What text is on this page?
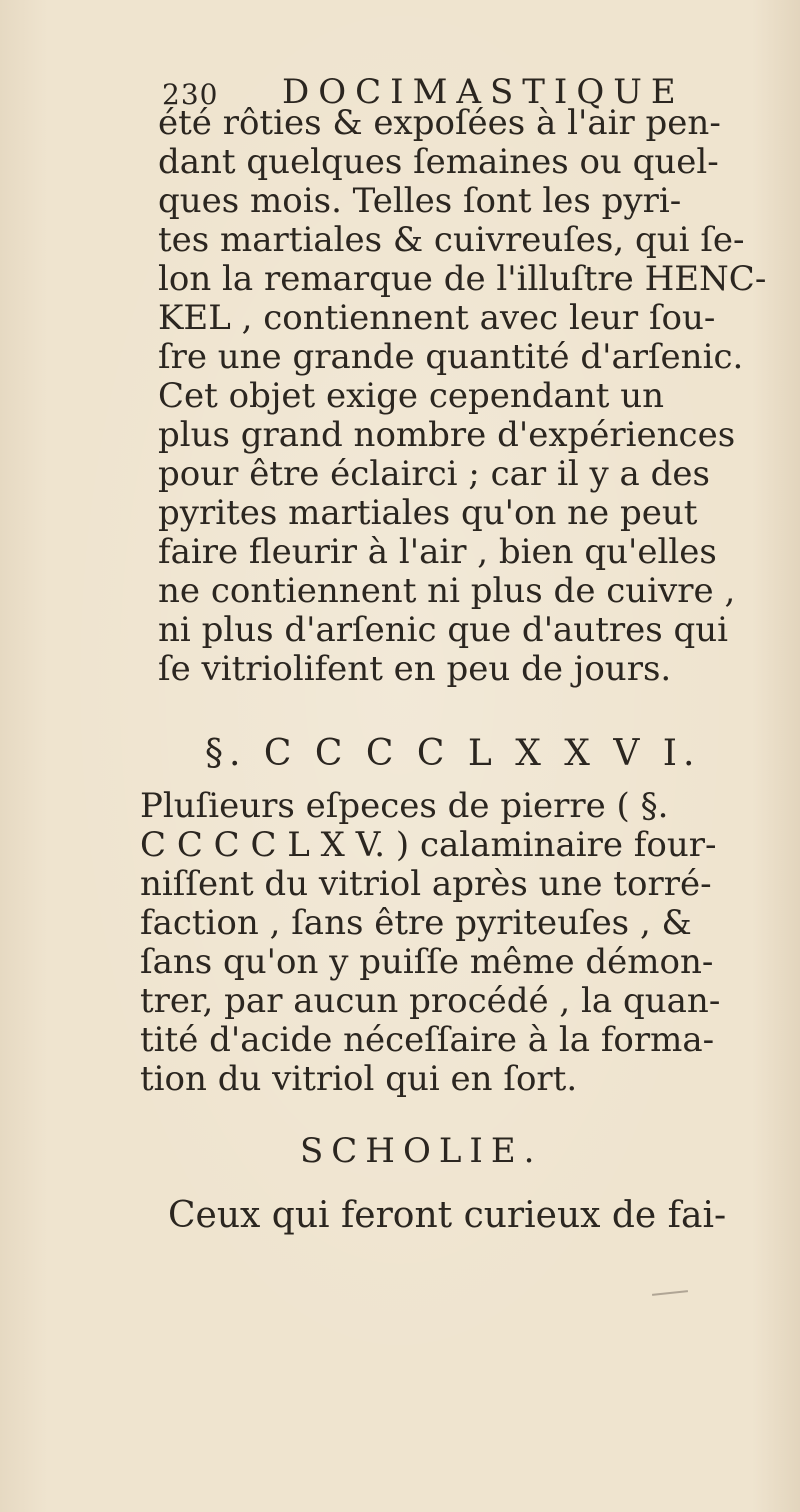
230 DOCIMASTIQUE
été rôties & expoſées à l'air pen-
dant quelques ſemaines ou quel-
ques mois. Telles ſont les pyri-
tes martiales & cuivreuſes, qui ſe-
lon la remarque de l'illuſtre HENC-
KEL , contiennent avec leur ſou-
ſre une grande quantité d'arſenic.
Cet objet exige cependant un
plus grand nombre d'expériences
pour être éclairci ; car il y a des
pyrites martiales qu'on ne peut
faire fleurir à l'air , bien qu'elles
ne contiennent ni plus de cuivre ,
ni plus d'arſenic que d'autres qui
ſe vitriolifent en peu de jours.
§. C C C C L X X V I.
Pluſieurs eſpeces de pierre ( §.
C C C C L X V. ) calaminaire four-
niſſent du vitriol après une torré-
faction , ſans être pyriteuſes , &
ſans qu'on y puiſſe même démon-
trer, par aucun procédé , la quan-
tité d'acide néceſſaire à la forma-
tion du vitriol qui en ſort.
SCHOLIE.
Ceux qui feront curieux de fai-
